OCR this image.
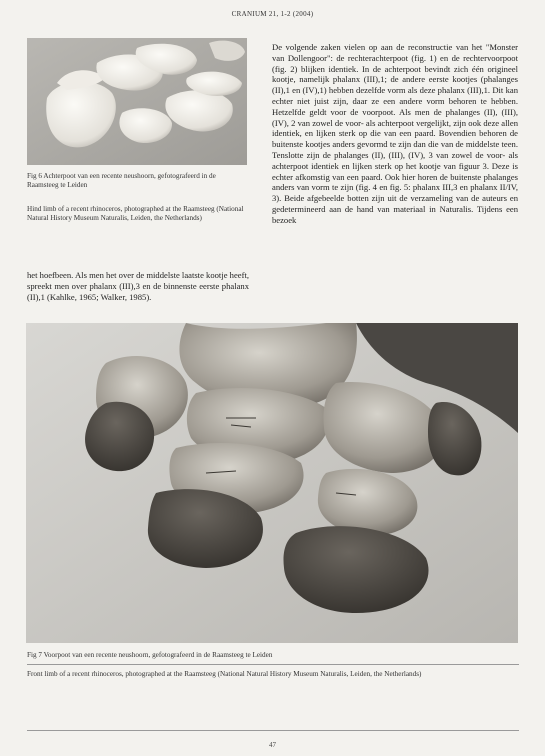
CRANIUM 21, 1-2 (2004)
Fig 6 Achterpoot van een recente neushoorn, gefotografeerd in de Raamsteeg te Leiden
Hind limb of a recent rhinoceros, photographed at the Raamsteeg (National Natural History Museum Naturalis, Leiden, the Netherlands)
De volgende zaken vielen op aan de reconstructie van het "Monster van Dollengoor": de rechterachterpoot (fig. 1) en de rechtervoorpoot (fig. 2) blijken identiek. In de achterpoot bevindt zich één origineel kootje, namelijk phalanx (III),1; de andere eerste kootjes (phalanges (II),1 en (IV),1) hebben dezelfde vorm als deze phalanx (III),1. Dit kan echter niet juist zijn, daar ze een andere vorm behoren te hebben. Hetzelfde geldt voor de voorpoot. Als men de phalanges (II), (III), (IV), 2 van zowel de voor- als achterpoot vergelijkt, zijn ook deze allen identiek, en lijken sterk op die van een paard. Bovendien behoren de buitenste kootjes anders gevormd te zijn dan die van de middelste teen. Tenslotte zijn de phalanges (II), (III), (IV), 3 van zowel de voor- als achterpoot identiek en lijken sterk op het kootje van figuur 3. Deze is echter afkomstig van een paard. Ook hier horen de buitenste phalanges anders van vorm te zijn (fig. 4 en fig. 5: phalanx III,3 en phalanx II/IV, 3). Beide afgebeelde botten zijn uit de verzameling van de auteurs en gedetermineerd aan de hand van materiaal in Naturalis. Tijdens een bezoek
het hoefbeen. Als men het over de middelste laatste kootje heeft, spreekt men over phalanx (III),3 en de binnenste eerste phalanx (II),1 (Kahlke, 1965; Walker, 1985).
Fig 7 Voorpoot van een recente neushoorn, gefotografeerd in de Raamsteeg te Leiden
Front limb of a recent rhinoceros, photographed at the Raamsteeg (National Natural History Museum Naturalis, Leiden, the Netherlands)
47
